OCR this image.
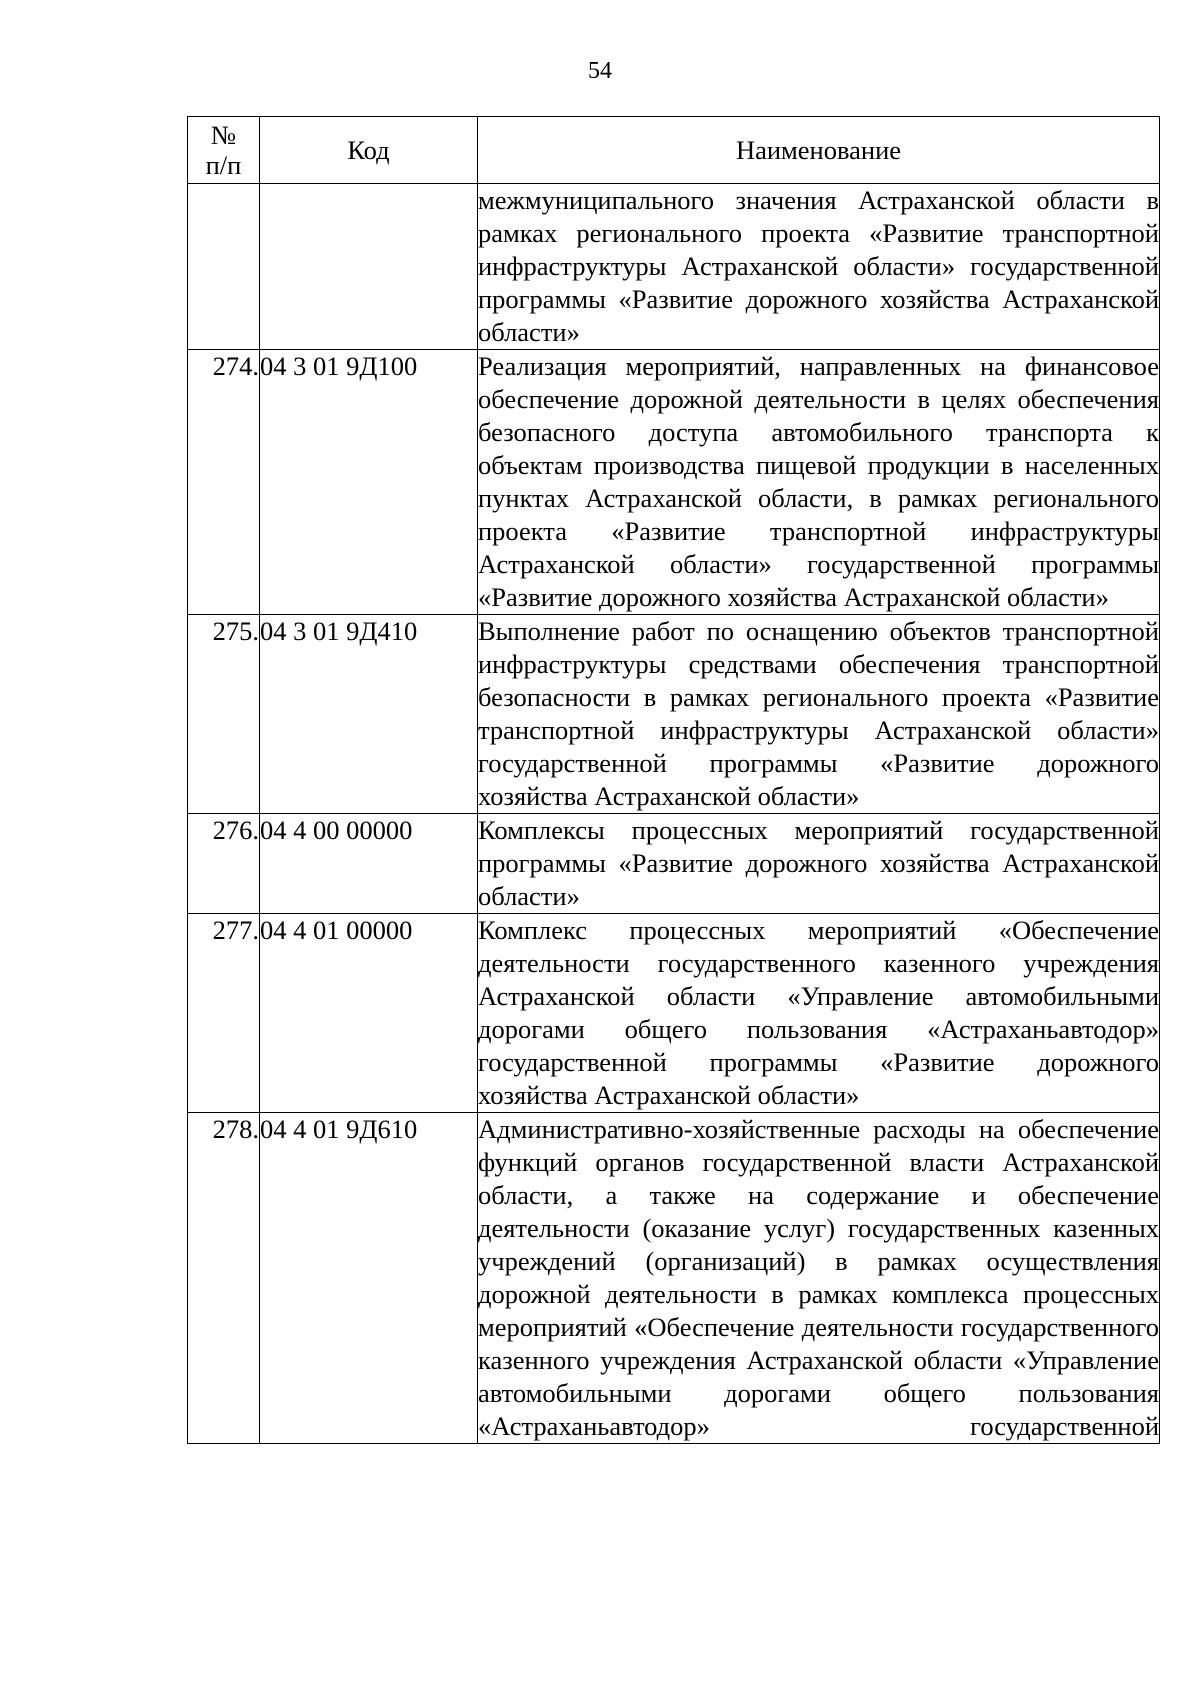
54
№
п/п	Код	Наименование
		межмуниципального значения Астраханской области в рамках регионального проекта «Развитие транспортной инфраструктуры Астраханской области» государственной программы «Развитие дорожного хозяйства Астраханской области»
274.	04 3 01 9Д100	Реализация мероприятий, направленных на финансовое обеспечение дорожной деятельности в целях обеспечения безопасного доступа автомобильного транспорта к объектам производства пищевой продукции в населенных пунктах Астраханской области, в рамках регионального проекта «Развитие транспортной инфраструктуры Астраханской области» государственной программы «Развитие дорожного хозяйства Астраханской области»
275.	04 3 01 9Д410	Выполнение работ по оснащению объектов транспортной инфраструктуры средствами обеспечения транспортной безопасности в рамках регионального проекта «Развитие транспортной инфраструктуры Астраханской области» государственной программы «Развитие дорожного хозяйства Астраханской области»
276.	04 4 00 00000	Комплексы процессных мероприятий государственной программы «Развитие дорожного хозяйства Астраханской области»
277.	04 4 01 00000	Комплекс процессных мероприятий «Обеспечение деятельности государственного казенного учреждения Астраханской области «Управление автомобильными дорогами общего пользования «Астраханьавтодор» государственной программы «Развитие дорожного хозяйства Астраханской области»
278.	04 4 01 9Д610	Административно-хозяйственные расходы на обеспечение функций органов государственной власти Астраханской области, а также на содержание и обеспечение деятельности (оказание услуг) государственных казенных учреждений (организаций) в рамках осуществления дорожной деятельности в рамках комплекса процессных мероприятий «Обеспечение деятельности государственного казенного учреждения Астраханской области «Управление автомобильными дорогами общего пользования «Астраханьавтодор» государственной
